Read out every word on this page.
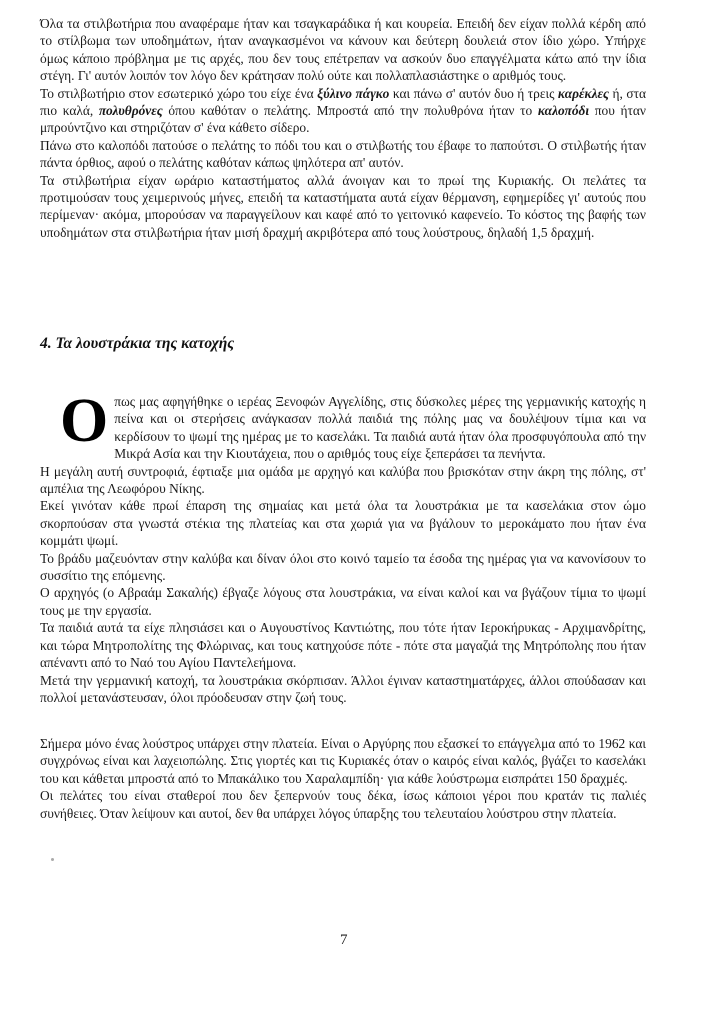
Όλα τα στιλβωτήρια που αναφέραμε ήταν και τσαγκαράδικα ή και κουρεία. Επειδή δεν είχαν πολλά κέρδη από το στίλβωμα των υποδημάτων, ήταν αναγκασμένοι να κάνουν και δεύτερη δουλειά στον ίδιο χώρο. Υπήρχε όμως κάποιο πρόβλημα με τις αρχές, που δεν τους επέτρεπαν να ασκούν δυο επαγγέλματα κάτω από την ίδια στέγη. Γι' αυτόν λοιπόν τον λόγο δεν κράτησαν πολύ ούτε και πολλαπλασιάστηκε ο αριθμός τους.

Το στιλβωτήριο στον εσωτερικό χώρο του είχε ένα ξύλινο πάγκο και πάνω σ' αυτόν δυο ή τρεις καρέκλες ή, στα πιο καλά, πολυθρόνες όπου καθόταν ο πελάτης. Μπροστά από την πολυθρόνα ήταν το καλοπόδι που ήταν μπρούντζινο και στηριζόταν σ' ένα κάθετο σίδερο.

Πάνω στο καλοπόδι πατούσε ο πελάτης το πόδι του και ο στιλβωτής του έβαφε το παπούτσι. Ο στιλβωτής ήταν πάντα όρθιος, αφού ο πελάτης καθόταν κάπως ψηλότερα απ' αυτόν.

Τα στιλβωτήρια είχαν ωράριο καταστήματος αλλά άνοιγαν και το πρωί της Κυριακής. Οι πελάτες τα προτιμούσαν τους χειμερινούς μήνες, επειδή τα καταστήματα αυτά είχαν θέρμανση, εφημερίδες γι' αυτούς που περίμεναν· ακόμα, μπορούσαν να παραγγείλουν και καφέ από το γειτονικό καφενείο. Το κόστος της βαφής των υποδημάτων στα στιλβωτήρια ήταν μισή δραχμή ακριβότερα από τους λούστρους, δηλαδή 1,5 δραχμή.

4. Τα λουστράκια της κατοχής

Οπως μας αφηγήθηκε ο ιερέας Ξενοφών Αγγελίδης, στις δύσκολες μέρες της γερμανικής κατοχής η πείνα και οι στερήσεις ανάγκασαν πολλά παιδιά της πόλης μας να δουλέψουν τίμια και να κερδίσουν το ψωμί της ημέρας με το κασελάκι. Τα παιδιά αυτά ήταν όλα προσφυγόπουλα από την Μικρά Ασία και την Κιουτάχεια, που ο αριθμός τους είχε ξεπεράσει τα πενήντα.

Η μεγάλη αυτή συντροφιά, έφτιαξε μια ομάδα με αρχηγό και καλύβα που βρισκόταν στην άκρη της πόλης, στ' αμπέλια της Λεωφόρου Νίκης.

Εκεί γινόταν κάθε πρωί έπαρση της σημαίας και μετά όλα τα λουστράκια με τα κασελάκια στον ώμο σκορπούσαν στα γνωστά στέκια της πλατείας και στα χωριά για να βγάλουν το μεροκάματο που ήταν ένα κομμάτι ψωμί.

Το βράδυ μαζευόνταν στην καλύβα και δίναν όλοι στο κοινό ταμείο τα έσοδα της ημέρας για να κανονίσουν το συσσίτιο της επόμενης.

Ο αρχηγός (ο Αβραάμ Σακαλής) έβγαζε λόγους στα λουστράκια, να είναι καλοί και να βγάζουν τίμια το ψωμί τους με την εργασία.

Τα παιδιά αυτά τα είχε πλησιάσει και ο Αυγουστίνος Καντιώτης, που τότε ήταν Ιεροκήρυκας - Αρχιμανδρίτης, και τώρα Μητροπολίτης της Φλώρινας, και τους κατηχούσε πότε - πότε στα μαγαζιά της Μητρόπολης που ήταν απέναντι από το Ναό του Αγίου Παντελεήμονα.

Μετά την γερμανική κατοχή, τα λουστράκια σκόρπισαν. Άλλοι έγιναν καταστηματάρχες, άλλοι σπούδασαν και πολλοί μετανάστευσαν, όλοι πρόοδευσαν στην ζωή τους.

Σήμερα μόνο ένας λούστρος υπάρχει στην πλατεία. Είναι ο Αργύρης που εξασκεί το επάγγελμα από το 1962 και συγχρόνως είναι και λαχειοπώλης. Στις γιορτές και τις Κυριακές όταν ο καιρός είναι καλός, βγάζει το κασελάκι του και κάθεται μπροστά από το Μπακάλικο του Χαραλαμπίδη· για κάθε λούστρωμα εισπράτει 150 δραχμές.

Οι πελάτες του είναι σταθεροί που δεν ξεπερνούν τους δέκα, ίσως κάποιοι γέροι που κρατάν τις παλιές συνήθειες. Όταν λείψουν και αυτοί, δεν θα υπάρχει λόγος ύπαρξης του τελευταίου λούστρου στην πλατεία.

7
